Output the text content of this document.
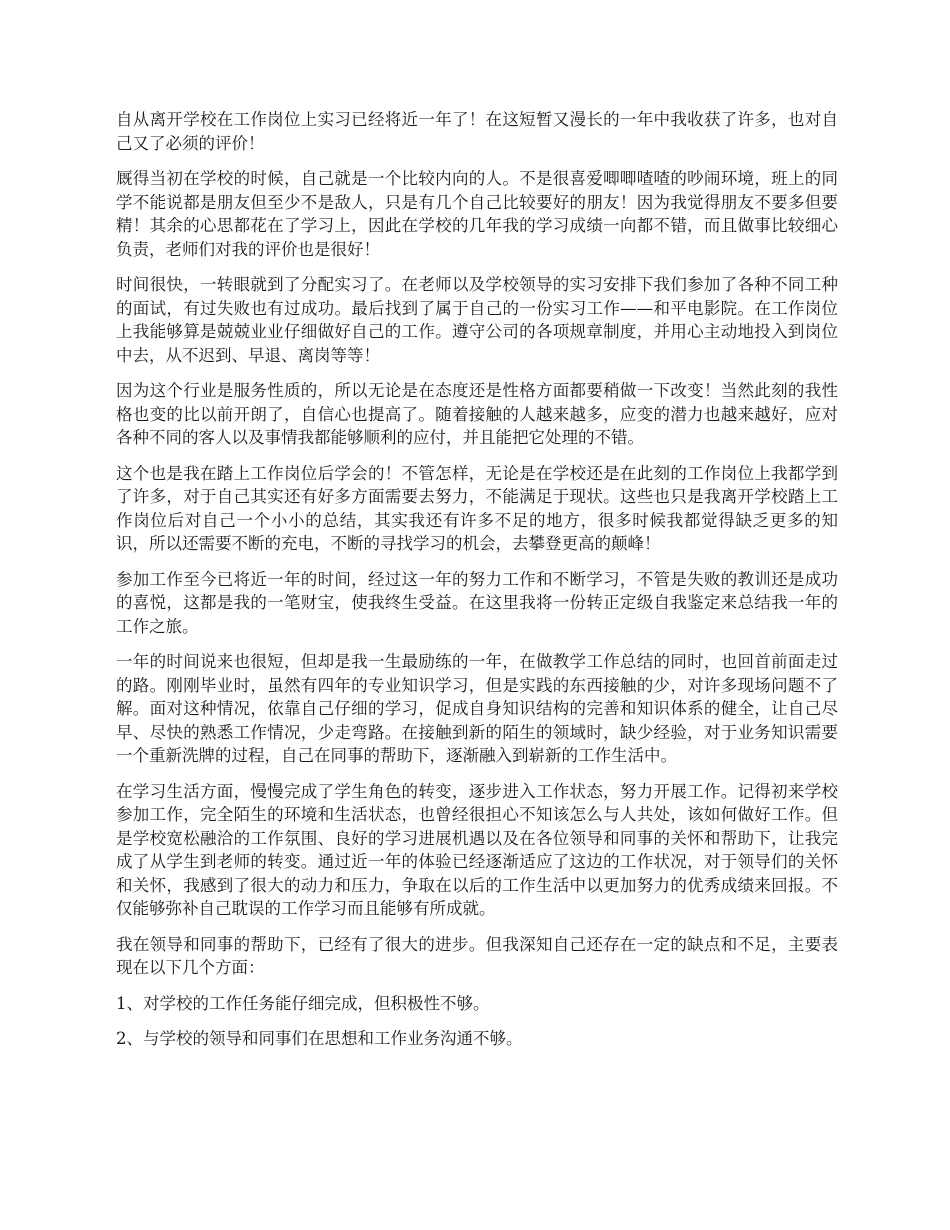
自从离开学校在工作岗位上实习已经将近一年了！在这短暂又漫长的一年中我收获了许多，也对自己又了必须的评价！

厩得当初在学校的时候，自己就是一个比较内向的人。不是很喜爱唧唧喳喳的吵闹环境，班上的同学不能说都是朋友但至少不是敌人，只是有几个自己比较要好的朋友！因为我觉得朋友不要多但要精！其余的心思都花在了学习上，因此在学校的几年我的学习成绩一向都不错，而且做事比较细心负责，老师们对我的评价也是很好！

时间很快，一转眼就到了分配实习了。在老师以及学校领导的实习安排下我们参加了各种不同工种的面试，有过失败也有过成功。最后找到了属于自己的一份实习工作——和平电影院。在工作岗位上我能够算是兢兢业业仔细做好自己的工作。遵守公司的各项规章制度，并用心主动地投入到岗位中去，从不迟到、早退、离岗等等！

因为这个行业是服务性质的，所以无论是在态度还是性格方面都要稍做一下改变！当然此刻的我性格也变的比以前开朗了，自信心也提高了。随着接触的人越来越多，应变的潜力也越来越好，应对各种不同的客人以及事情我都能够顺利的应付，并且能把它处理的不错。

这个也是我在踏上工作岗位后学会的！不管怎样，无论是在学校还是在此刻的工作岗位上我都学到了许多，对于自己其实还有好多方面需要去努力，不能满足于现状。这些也只是我离开学校踏上工作岗位后对自己一个小小的总结，其实我还有许多不足的地方，很多时候我都觉得缺乏更多的知识，所以还需要不断的充电，不断的寻找学习的机会，去攀登更高的颠峰！

参加工作至今已将近一年的时间，经过这一年的努力工作和不断学习，不管是失败的教训还是成功的喜悦，这都是我的一笔财宝，使我终生受益。在这里我将一份转正定级自我鉴定来总结我一年的工作之旅。

一年的时间说来也很短，但却是我一生最励练的一年，在做教学工作总结的同时，也回首前面走过的路。刚刚毕业时，虽然有四年的专业知识学习，但是实践的东西接触的少，对许多现场问题不了解。面对这种情况，依靠自己仔细的学习，促成自身知识结构的完善和知识体系的健全，让自己尽早、尽快的熟悉工作情况，少走弯路。在接触到新的陌生的领域时，缺少经验，对于业务知识需要一个重新洗牌的过程，自己在同事的帮助下，逐渐融入到崭新的工作生活中。

在学习生活方面，慢慢完成了学生角色的转变，逐步进入工作状态，努力开展工作。记得初来学校参加工作，完全陌生的环境和生活状态，也曾经很担心不知该怎么与人共处，该如何做好工作。但是学校宽松融洽的工作氛围、良好的学习进展机遇以及在各位领导和同事的关怀和帮助下，让我完成了从学生到老师的转变。通过近一年的体验已经逐渐适应了这边的工作状况，对于领导们的关怀和关怀，我感到了很大的动力和压力，争取在以后的工作生活中以更加努力的优秀成绩来回报。不仅能够弥补自己耽误的工作学习而且能够有所成就。

我在领导和同事的帮助下，已经有了很大的进步。但我深知自己还存在一定的缺点和不足，主要表现在以下几个方面：

1、对学校的工作任务能仔细完成，但积极性不够。

2、与学校的领导和同事们在思想和工作业务沟通不够。
